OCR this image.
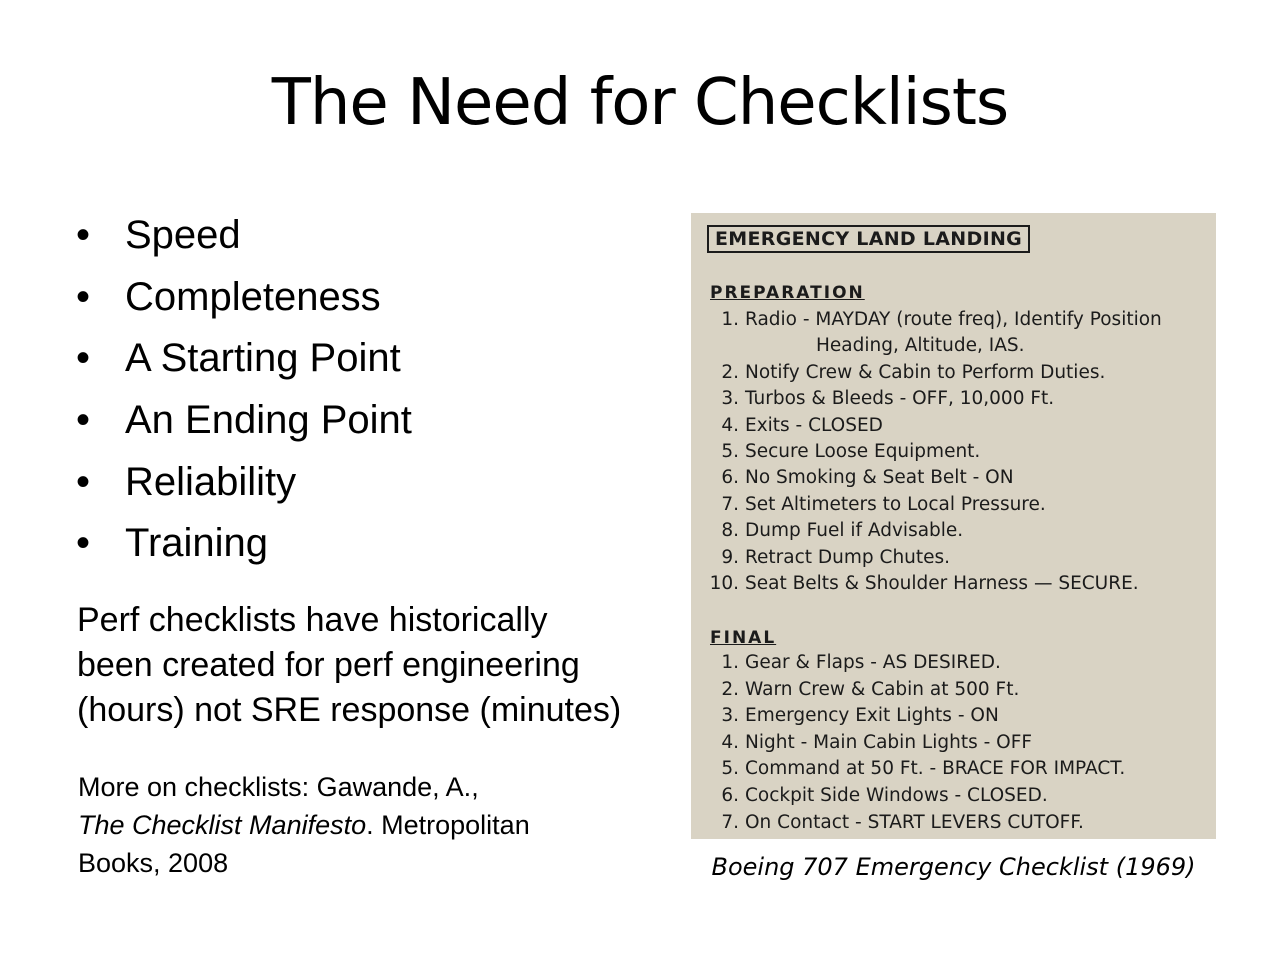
The Need for Checklists
• Speed
• Completeness
• A Starting Point
• An Ending Point
• Reliability
• Training

Perf checklists have historically
been created for perf engineering
(hours) not SRE response (minutes)

More on checklists: Gawande, A.,
The Checklist Manifesto. Metropolitan
Books, 2008

EMERGENCY LAND LANDING
PREPARATION
1. Radio - MAYDAY (route freq), Identify Position
Heading, Altitude, IAS.
2. Notify Crew & Cabin to Perform Duties.
3. Turbos & Bleeds - OFF, 10,000 Ft.
4. Exits - CLOSED
5. Secure Loose Equipment.
6. No Smoking & Seat Belt - ON
7. Set Altimeters to Local Pressure.
8. Dump Fuel if Advisable.
9. Retract Dump Chutes.
10. Seat Belts & Shoulder Harness — SECURE.
FINAL
1. Gear & Flaps - AS DESIRED.
2. Warn Crew & Cabin at 500 Ft.
3. Emergency Exit Lights - ON
4. Night - Main Cabin Lights - OFF
5. Command at 50 Ft. - BRACE FOR IMPACT.
6. Cockpit Side Windows - CLOSED.
7. On Contact - START LEVERS CUTOFF.

Boeing 707 Emergency Checklist (1969)
